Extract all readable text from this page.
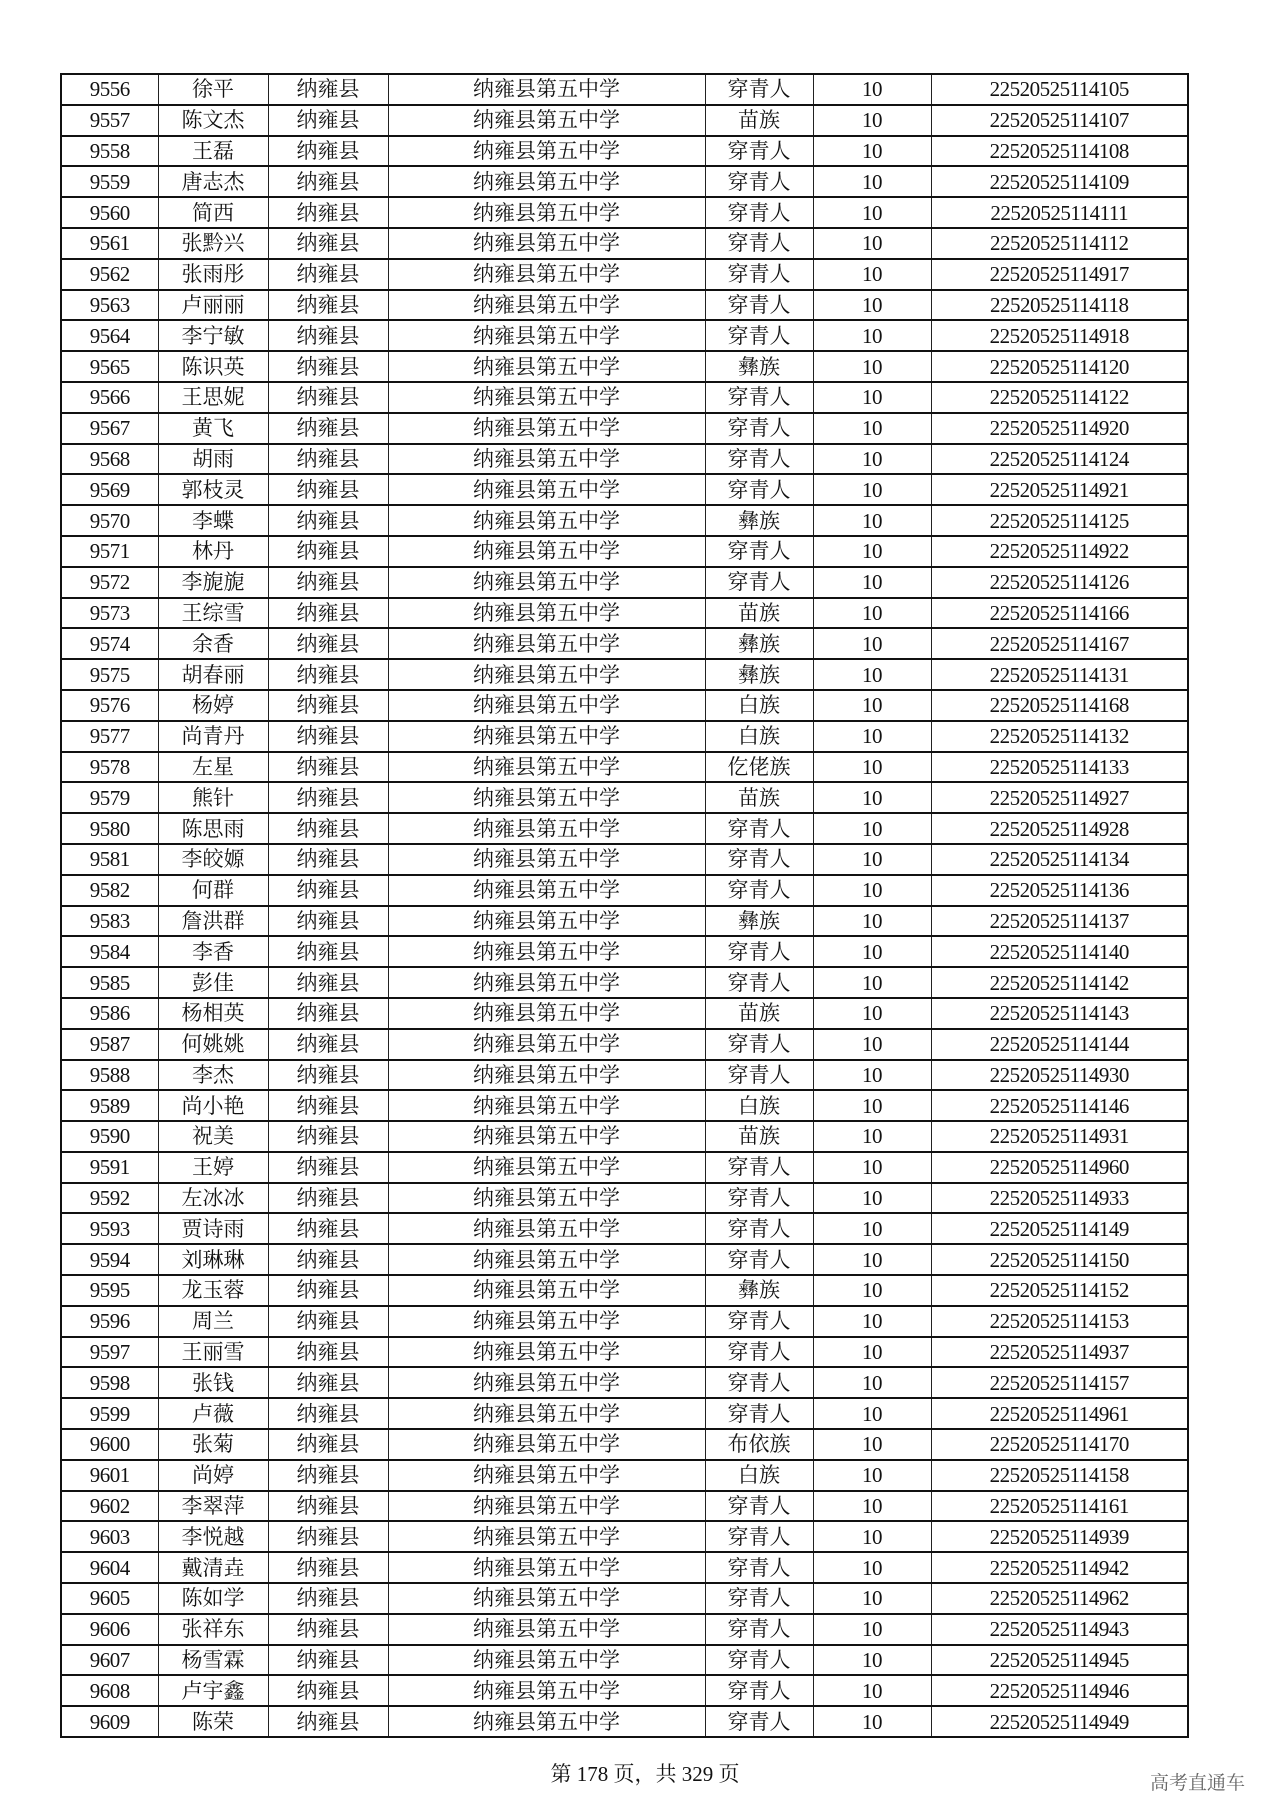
9556	徐平	纳雍县	纳雍县第五中学	穿青人	10	22520525114105
9557	陈文杰	纳雍县	纳雍县第五中学	苗族	10	22520525114107
9558	王磊	纳雍县	纳雍县第五中学	穿青人	10	22520525114108
9559	唐志杰	纳雍县	纳雍县第五中学	穿青人	10	22520525114109
9560	简西	纳雍县	纳雍县第五中学	穿青人	10	22520525114111
9561	张黔兴	纳雍县	纳雍县第五中学	穿青人	10	22520525114112
9562	张雨彤	纳雍县	纳雍县第五中学	穿青人	10	22520525114917
9563	卢丽丽	纳雍县	纳雍县第五中学	穿青人	10	22520525114118
9564	李宁敏	纳雍县	纳雍县第五中学	穿青人	10	22520525114918
9565	陈识英	纳雍县	纳雍县第五中学	彝族	10	22520525114120
9566	王思妮	纳雍县	纳雍县第五中学	穿青人	10	22520525114122
9567	黄飞	纳雍县	纳雍县第五中学	穿青人	10	22520525114920
9568	胡雨	纳雍县	纳雍县第五中学	穿青人	10	22520525114124
9569	郭枝灵	纳雍县	纳雍县第五中学	穿青人	10	22520525114921
9570	李蝶	纳雍县	纳雍县第五中学	彝族	10	22520525114125
9571	林丹	纳雍县	纳雍县第五中学	穿青人	10	22520525114922
9572	李旎旎	纳雍县	纳雍县第五中学	穿青人	10	22520525114126
9573	王综雪	纳雍县	纳雍县第五中学	苗族	10	22520525114166
9574	余香	纳雍县	纳雍县第五中学	彝族	10	22520525114167
9575	胡春丽	纳雍县	纳雍县第五中学	彝族	10	22520525114131
9576	杨婷	纳雍县	纳雍县第五中学	白族	10	22520525114168
9577	尚青丹	纳雍县	纳雍县第五中学	白族	10	22520525114132
9578	左星	纳雍县	纳雍县第五中学	仡佬族	10	22520525114133
9579	熊针	纳雍县	纳雍县第五中学	苗族	10	22520525114927
9580	陈思雨	纳雍县	纳雍县第五中学	穿青人	10	22520525114928
9581	李皎嫄	纳雍县	纳雍县第五中学	穿青人	10	22520525114134
9582	何群	纳雍县	纳雍县第五中学	穿青人	10	22520525114136
9583	詹洪群	纳雍县	纳雍县第五中学	彝族	10	22520525114137
9584	李香	纳雍县	纳雍县第五中学	穿青人	10	22520525114140
9585	彭佳	纳雍县	纳雍县第五中学	穿青人	10	22520525114142
9586	杨相英	纳雍县	纳雍县第五中学	苗族	10	22520525114143
9587	何姚姚	纳雍县	纳雍县第五中学	穿青人	10	22520525114144
9588	李杰	纳雍县	纳雍县第五中学	穿青人	10	22520525114930
9589	尚小艳	纳雍县	纳雍县第五中学	白族	10	22520525114146
9590	祝美	纳雍县	纳雍县第五中学	苗族	10	22520525114931
9591	王婷	纳雍县	纳雍县第五中学	穿青人	10	22520525114960
9592	左冰冰	纳雍县	纳雍县第五中学	穿青人	10	22520525114933
9593	贾诗雨	纳雍县	纳雍县第五中学	穿青人	10	22520525114149
9594	刘琳琳	纳雍县	纳雍县第五中学	穿青人	10	22520525114150
9595	龙玉蓉	纳雍县	纳雍县第五中学	彝族	10	22520525114152
9596	周兰	纳雍县	纳雍县第五中学	穿青人	10	22520525114153
9597	王丽雪	纳雍县	纳雍县第五中学	穿青人	10	22520525114937
9598	张钱	纳雍县	纳雍县第五中学	穿青人	10	22520525114157
9599	卢薇	纳雍县	纳雍县第五中学	穿青人	10	22520525114961
9600	张菊	纳雍县	纳雍县第五中学	布依族	10	22520525114170
9601	尚婷	纳雍县	纳雍县第五中学	白族	10	22520525114158
9602	李翠萍	纳雍县	纳雍县第五中学	穿青人	10	22520525114161
9603	李悦越	纳雍县	纳雍县第五中学	穿青人	10	22520525114939
9604	戴清垚	纳雍县	纳雍县第五中学	穿青人	10	22520525114942
9605	陈如学	纳雍县	纳雍县第五中学	穿青人	10	22520525114962
9606	张祥东	纳雍县	纳雍县第五中学	穿青人	10	22520525114943
9607	杨雪霖	纳雍县	纳雍县第五中学	穿青人	10	22520525114945
9608	卢宇鑫	纳雍县	纳雍县第五中学	穿青人	10	22520525114946
9609	陈荣	纳雍县	纳雍县第五中学	穿青人	10	22520525114949
第 178 页，共 329 页	高考直通车
